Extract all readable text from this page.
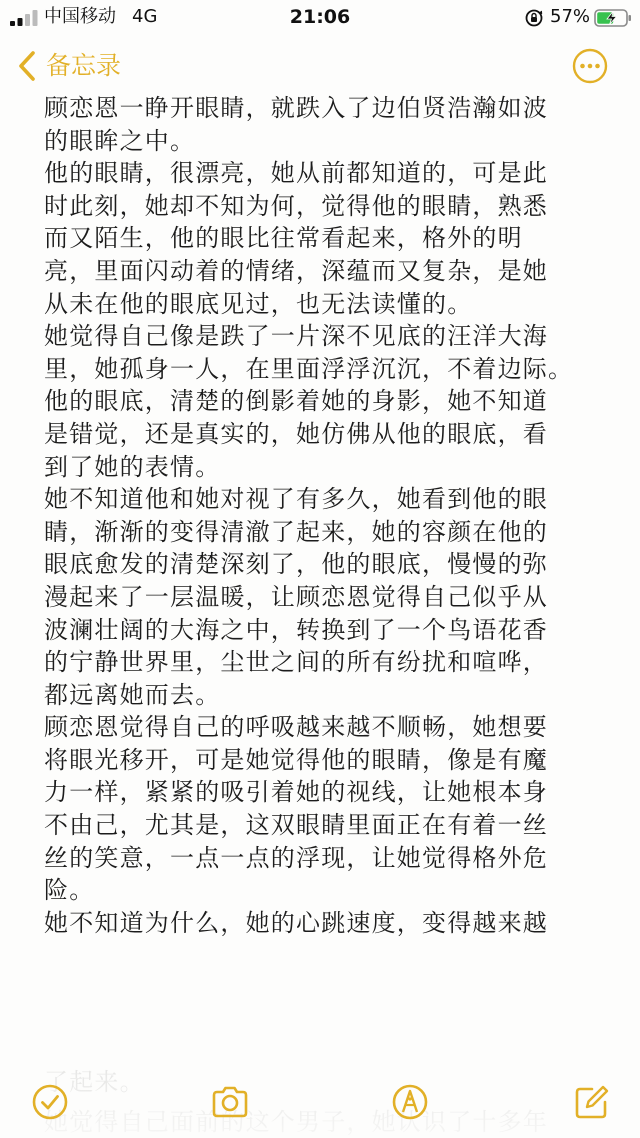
中国移动 4G	21:06	57%
备忘录
顾恋恩一睁开眼睛，就跌入了边伯贤浩瀚如波
的眼眸之中。
他的眼睛，很漂亮，她从前都知道的，可是此
时此刻，她却不知为何，觉得他的眼睛，熟悉
而又陌生，他的眼比往常看起来，格外的明
亮，里面闪动着的情绪，深蕴而又复杂，是她
从未在他的眼底见过，也无法读懂的。
她觉得自己像是跌了一片深不见底的汪洋大海
里，她孤身一人，在里面浮浮沉沉，不着边际。
他的眼底，清楚的倒影着她的身影，她不知道
是错觉，还是真实的，她仿佛从他的眼底，看
到了她的表情。
她不知道他和她对视了有多久，她看到他的眼
睛，渐渐的变得清澈了起来，她的容颜在他的
眼底愈发的清楚深刻了，他的眼底，慢慢的弥
漫起来了一层温暖，让顾恋恩觉得自己似乎从
波澜壮阔的大海之中，转换到了一个鸟语花香
的宁静世界里，尘世之间的所有纷扰和喧哗，
都远离她而去。
顾恋恩觉得自己的呼吸越来越不顺畅，她想要
将眼光移开，可是她觉得他的眼睛，像是有魔
力一样，紧紧的吸引着她的视线，让她根本身
不由己，尤其是，这双眼睛里面正在有着一丝
丝的笑意，一点一点的浮现，让她觉得格外危
险。
她不知道为什么，她的心跳速度，变得越来越
